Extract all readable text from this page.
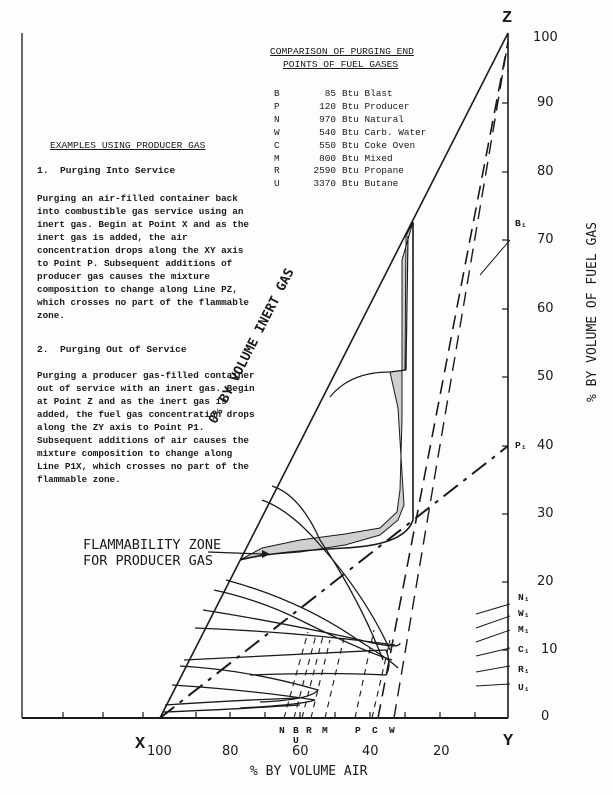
COMPARISON OF PURGING END
POINTS OF FUEL GASES
B	85 Btu Blast
P	120 Btu Producer
N	970 Btu Natural
W	540 Btu Carb. Water
C	550 Btu Coke Oven
M	800 Btu Mixed
R	2590 Btu Propane
U	3370 Btu Butane
EXAMPLES USING PRODUCER GAS
1.  Purging Into Service
Purging an air-filled container back into combustible gas service using an inert gas. Begin at Point X and as the inert gas is added, the air concentration drops along the XY axis to Point P. Subsequent additions of producer gas causes the mixture composition to change along Line PZ, which crosses no part of the flammable zone.
2.  Purging Out of Service
Purging a producer gas-filled container out of service with an inert gas. Begin at Point Z and as the inert gas is added, the fuel gas concentration drops along the ZY axis to Point P1. Subsequent additions of air causes the mixture composition to change along Line P1X, which crosses no part of the flammable zone.
0% BY VOLUME INERT GAS
FLAMMABILITY ZONE
FOR PRODUCER GAS
Z
X	Y
100
90
80
70
60
50
40
30
20
10
0
% BY VOLUME OF FUEL GAS
B₁
P₁
N₁
W₁
M₁
C₁
R₁
U₁
N B R M	P C W
U
100	80	60	40	20
% BY VOLUME AIR
